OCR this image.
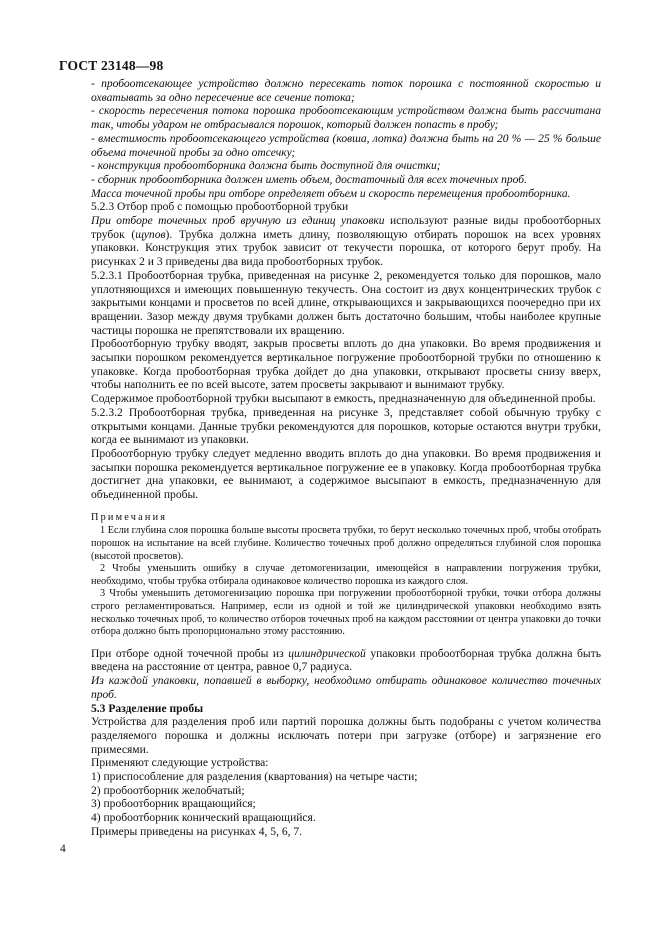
ГОСТ 23148—98

- пробоотсекающее устройство должно пересекать поток порошка с постоянной скоростью и охватывать за одно пересечение все сечение потока;

- скорость пересечения потока порошка пробоотсекающим устройством должна быть рассчитана так, чтобы ударом не отбрасывался порошок, который должен попасть в пробу;

- вместимость пробоотсекающего устройства (ковша, лотка) должна быть на 20 % — 25 % больше объема точечной пробы за одно отсечку;

- конструкция пробоотборника должна быть доступной для очистки;

- сборник пробоотборника должен иметь объем, достаточный для всех точечных проб.

Масса точечной пробы при отборе определяет объем и скорость перемещения пробоотборника.

5.2.3 Отбор проб с помощью пробоотборной трубки

При отборе точечных проб вручную из единиц упаковки используют разные виды пробоотборных трубок (щупов). Трубка должна иметь длину, позволяющую отбирать порошок на всех уровнях упаковки. Конструкция этих трубок зависит от текучести порошка, от которого берут пробу. На рисунках 2 и 3 приведены два вида пробоотборных трубок.

5.2.3.1 Пробоотборная трубка, приведенная на рисунке 2, рекомендуется только для порошков, мало уплотняющихся и имеющих повышенную текучесть. Она состоит из двух концентрических трубок с закрытыми концами и просветов по всей длине, открывающихся и закрывающихся поочередно при их вращении. Зазор между двумя трубками должен быть достаточно большим, чтобы наиболее крупные частицы порошка не препятствовали их вращению.

Пробоотборную трубку вводят, закрыв просветы вплоть до дна упаковки. Во время продвижения и засыпки порошком рекомендуется вертикальное погружение пробоотборной трубки по отношению к упаковке. Когда пробоотборная трубка дойдет до дна упаковки, открывают просветы снизу вверх, чтобы наполнить ее по всей высоте, затем просветы закрывают и вынимают трубку.

Содержимое пробоотборной трубки высыпают в емкость, предназначенную для объединенной пробы.

5.2.3.2 Пробоотборная трубка, приведенная на рисунке 3, представляет собой обычную трубку с открытыми концами. Данные трубки рекомендуются для порошков, которые остаются внутри трубки, когда ее вынимают из упаковки.

Пробоотборную трубку следует медленно вводить вплоть до дна упаковки. Во время продвижения и засыпки порошка рекомендуется вертикальное погружение ее в упаковку. Когда пробоотборная трубка достигнет дна упаковки, ее вынимают, а содержимое высыпают в емкость, предназначенную для объединенной пробы.

Примечания

1 Если глубина слоя порошка больше высоты просвета трубки, то берут несколько точечных проб, чтобы отобрать порошок на испытание на всей глубине. Количество точечных проб должно определяться глубиной слоя порошка (высотой просветов).

2 Чтобы уменьшить ошибку в случае детомогенизации, имеющейся в направлении погружения трубки, необходимо, чтобы трубка отбирала одинаковое количество порошка из каждого слоя.

3 Чтобы уменьшить детомогенизацию порошка при погружении пробоотборной трубки, точки отбора должны строго регламентироваться. Например, если из одной и той же цилиндрической упаковки необходимо взять несколько точечных проб, то количество отборов точечных проб на каждом расстоянии от центра упаковки до точки отбора должно быть пропорционально этому расстоянию.

При отборе одной точечной пробы из цилиндрической упаковки пробоотборная трубка должна быть введена на расстояние от центра, равное 0,7 радиуса.

Из каждой упаковки, попавшей в выборку, необходимо отбирать одинаковое количество точечных проб.

5.3 Разделение пробы

Устройства для разделения проб или партий порошка должны быть подобраны с учетом количества разделяемого порошка и должны исключать потери при загрузке (отборе) и загрязнение его примесями.

Применяют следующие устройства:

1) приспособление для разделения (квартования) на четыре части;

2) пробоотборник желобчатый;

3) пробоотборник вращающийся;

4) пробоотборник конический вращающийся.

Примеры приведены на рисунках 4, 5, 6, 7.

4
